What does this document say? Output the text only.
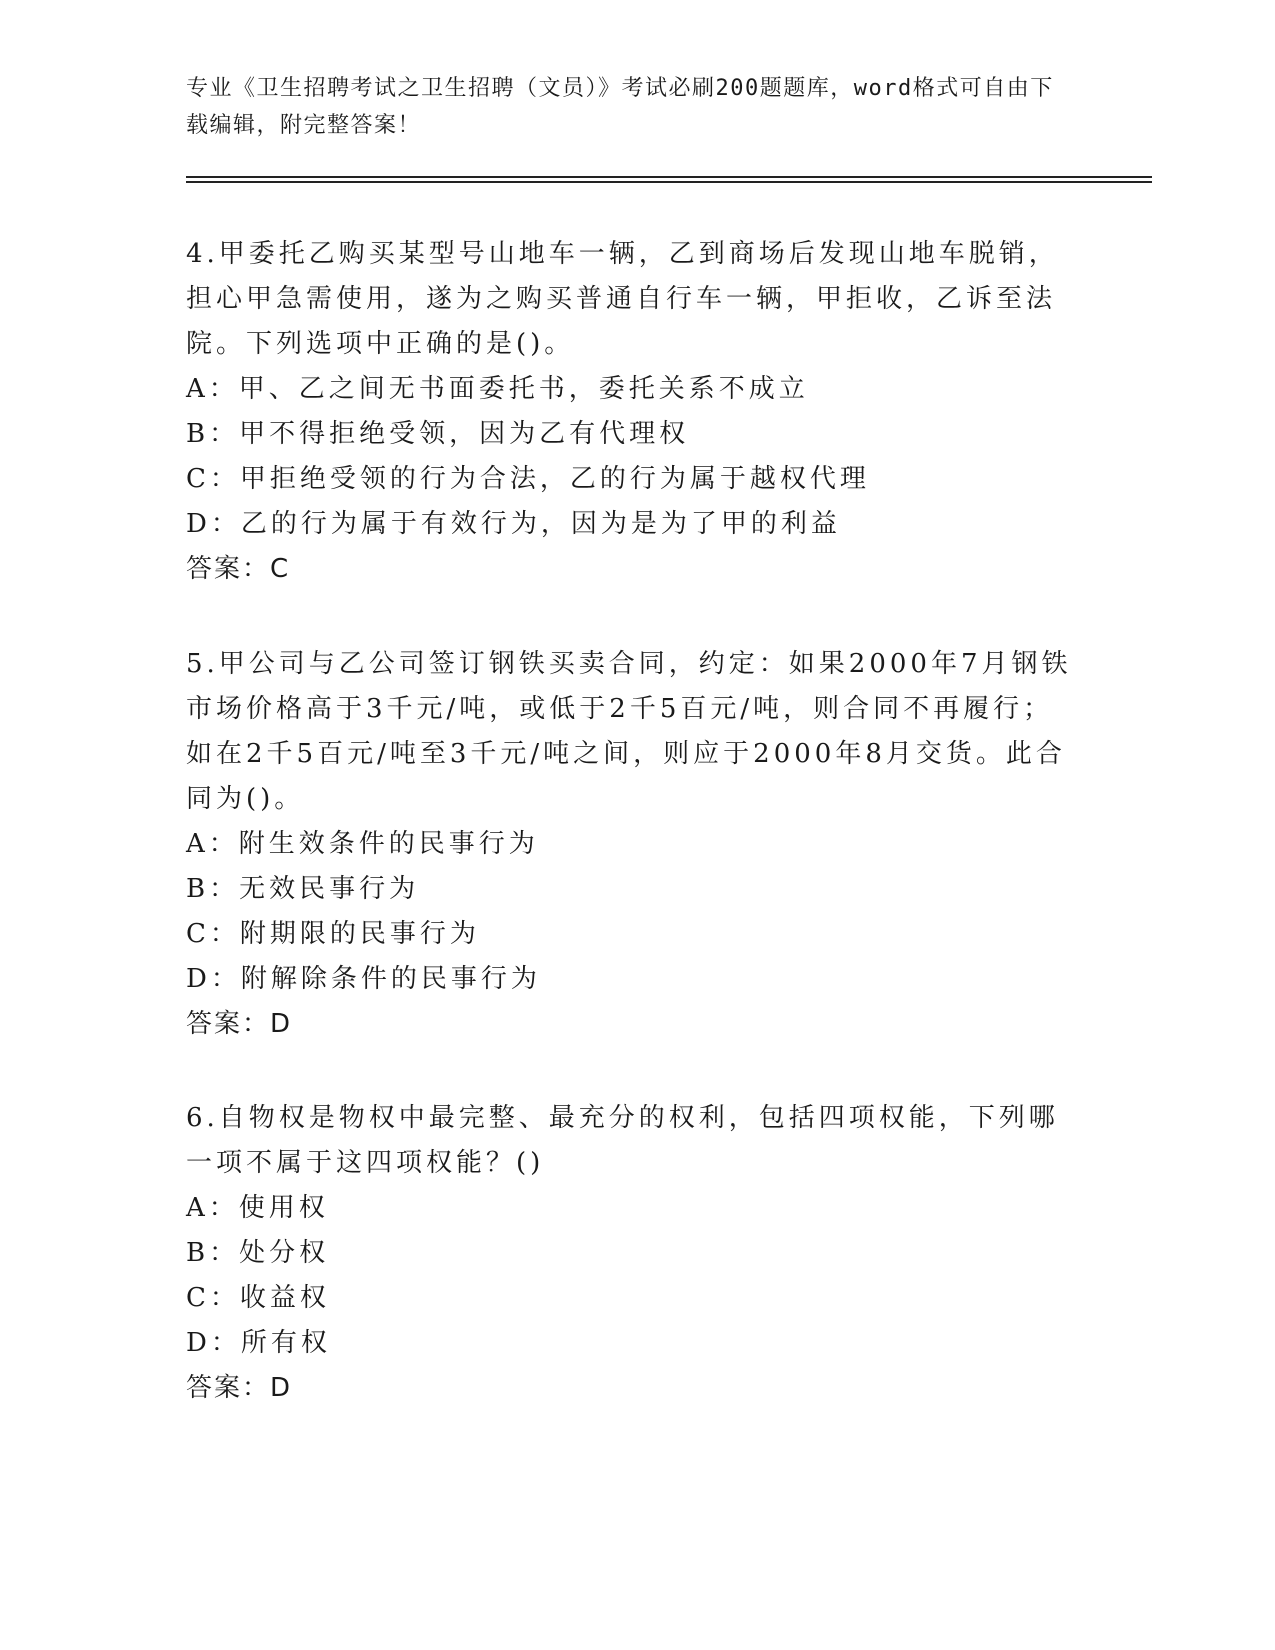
专业《卫生招聘考试之卫生招聘（文员）》考试必刷200题题库，word格式可自由下载编辑，附完整答案！

4.甲委托乙购买某型号山地车一辆，乙到商场后发现山地车脱销，担心甲急需使用，遂为之购买普通自行车一辆，甲拒收，乙诉至法院。下列选项中正确的是()。

A：甲、乙之间无书面委托书，委托关系不成立

B：甲不得拒绝受领，因为乙有代理权

C：甲拒绝受领的行为合法，乙的行为属于越权代理

D：乙的行为属于有效行为，因为是为了甲的利益

答案：C

5.甲公司与乙公司签订钢铁买卖合同，约定：如果2000年7月钢铁市场价格高于3千元/吨，或低于2千5百元/吨，则合同不再履行；如在2千5百元/吨至3千元/吨之间，则应于2000年8月交货。此合同为()。

A：附生效条件的民事行为

B：无效民事行为

C：附期限的民事行为

D：附解除条件的民事行为

答案：D

6.自物权是物权中最完整、最充分的权利，包括四项权能，下列哪一项不属于这四项权能？()

A：使用权

B：处分权

C：收益权

D：所有权

答案：D
